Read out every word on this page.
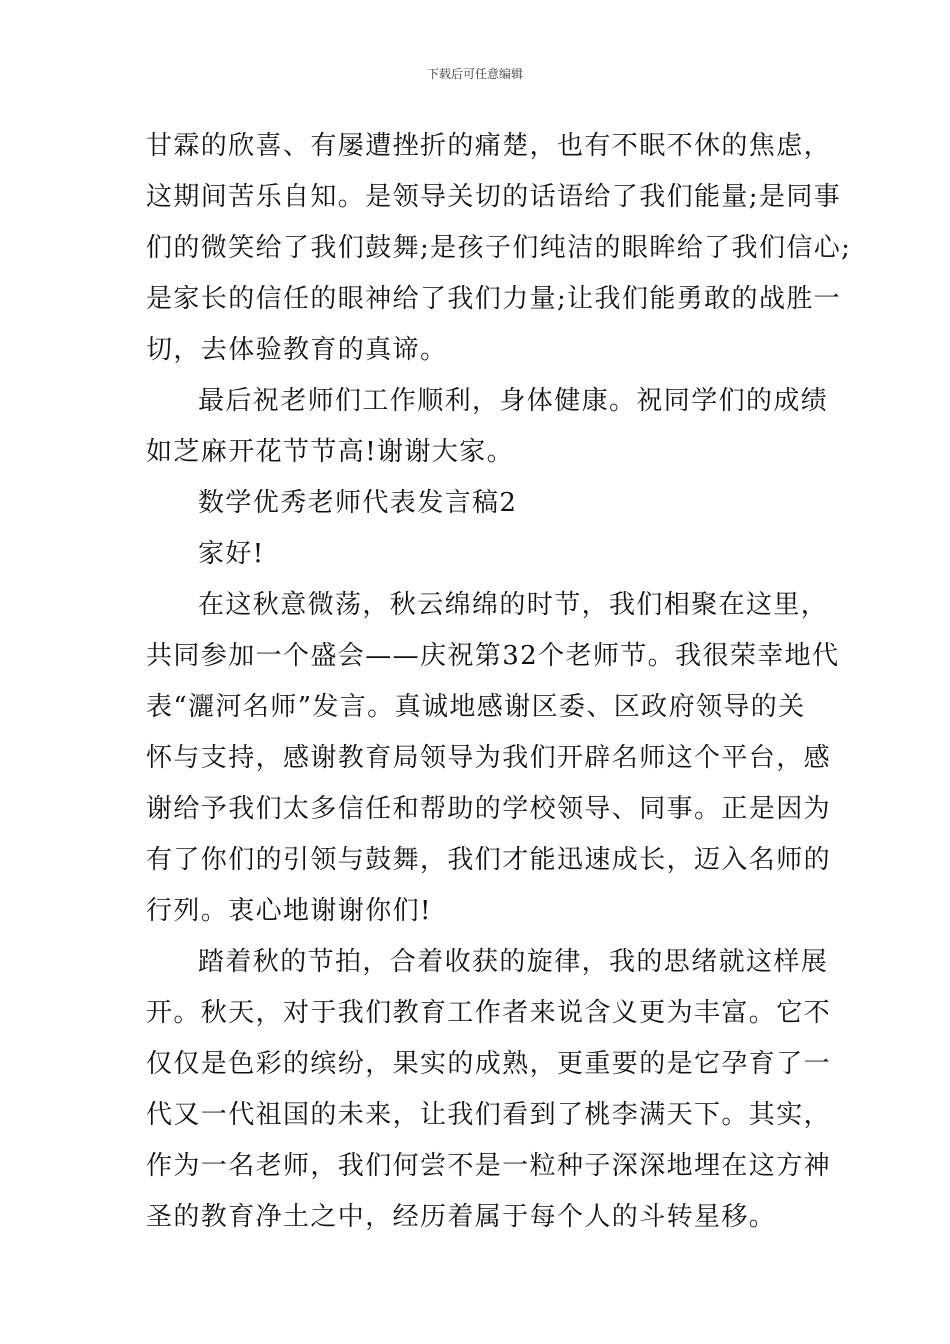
下载后可任意编辑
甘霖的欣喜、有屡遭挫折的痛楚，也有不眠不休的焦虑，
这期间苦乐自知。是领导关切的话语给了我们能量;是同事
们的微笑给了我们鼓舞;是孩子们纯洁的眼眸给了我们信心;
是家长的信任的眼神给了我们力量;让我们能勇敢的战胜一
切，去体验教育的真谛。
最后祝老师们工作顺利，身体健康。祝同学们的成绩
如芝麻开花节节高!谢谢大家。
数学优秀老师代表发言稿2
家好!
在这秋意微荡，秋云绵绵的时节，我们相聚在这里，
共同参加一个盛会——庆祝第32个老师节。我很荣幸地代
表“灑河名师”发言。真诚地感谢区委、区政府领导的关
怀与支持，感谢教育局领导为我们开辟名师这个平台，感
谢给予我们太多信任和帮助的学校领导、同事。正是因为
有了你们的引领与鼓舞，我们才能迅速成长，迈入名师的
行列。衷心地谢谢你们!
踏着秋的节拍，合着收获的旋律，我的思绪就这样展
开。秋天，对于我们教育工作者来说含义更为丰富。它不
仅仅是色彩的缤纷，果实的成熟，更重要的是它孕育了一
代又一代祖国的未来，让我们看到了桃李满天下。其实，
作为一名老师，我们何尝不是一粒种子深深地埋在这方神
圣的教育净土之中，经历着属于每个人的斗转星移。
